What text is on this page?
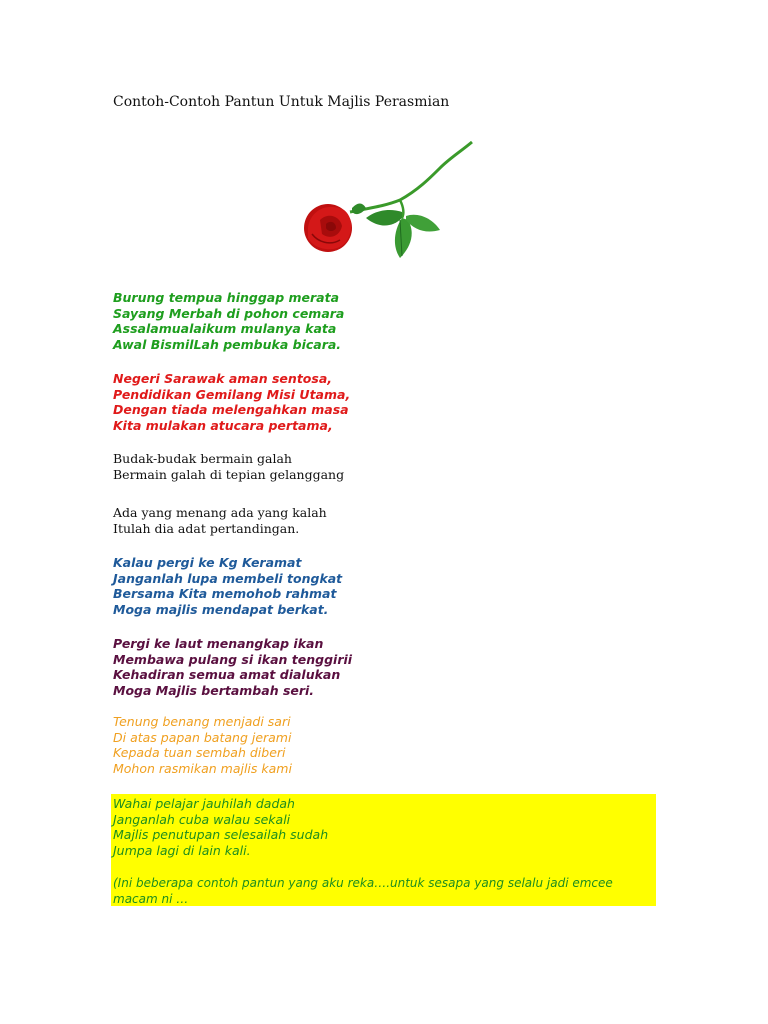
Contoh-Contoh Pantun Untuk Majlis Perasmian
Burung tempua hinggap merata
Sayang Merbah di pohon cemara
Assalamualaikum mulanya kata
Awal BismilLah pembuka bicara.
Negeri Sarawak aman sentosa,
Pendidikan Gemilang Misi Utama,
Dengan tiada melengahkan masa
Kita mulakan atucara pertama,
Budak-budak bermain galah
Bermain galah di tepian gelanggang
Ada yang menang ada yang kalah
Itulah dia adat pertandingan.
Kalau pergi ke Kg Keramat
Janganlah lupa membeli tongkat
Bersama Kita memohob rahmat
Moga majlis mendapat berkat.
Pergi ke laut menangkap ikan
Membawa pulang si ikan tenggirii
Kehadiran semua amat dialukan
Moga Majlis bertambah seri.
Tenung benang menjadi sari
Di atas papan batang jerami
Kepada tuan sembah diberi
Mohon rasmikan majlis kami
Wahai pelajar jauhilah dadah
Janganlah cuba walau sekali
Majlis penutupan selesailah sudah
Jumpa lagi di lain kali.
(Ini beberapa contoh pantun yang aku reka….untuk sesapa yang selalu jadi emcee
macam ni …
